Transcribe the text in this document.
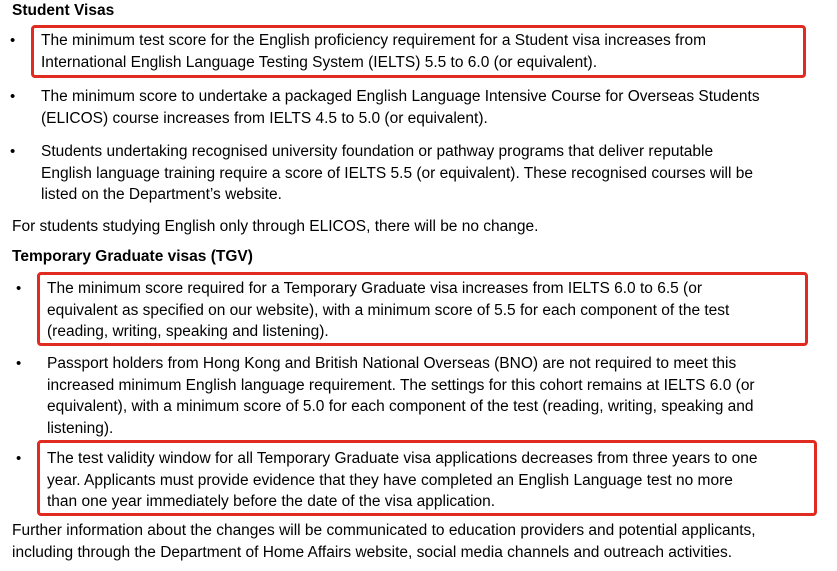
Student Visas
• The minimum test score for the English proficiency requirement for a Student visa increases from
International English Language Testing System (IELTS) 5.5 to 6.0 (or equivalent).
• The minimum score to undertake a packaged English Language Intensive Course for Overseas Students
(ELICOS) course increases from IELTS 4.5 to 5.0 (or equivalent).
• Students undertaking recognised university foundation or pathway programs that deliver reputable
English language training require a score of IELTS 5.5 (or equivalent). These recognised courses will be
listed on the Department’s website.
For students studying English only through ELICOS, there will be no change.
Temporary Graduate visas (TGV)
• The minimum score required for a Temporary Graduate visa increases from IELTS 6.0 to 6.5 (or
equivalent as specified on our website), with a minimum score of 5.5 for each component of the test
(reading, writing, speaking and listening).
• Passport holders from Hong Kong and British National Overseas (BNO) are not required to meet this
increased minimum English language requirement. The settings for this cohort remains at IELTS 6.0 (or
equivalent), with a minimum score of 5.0 for each component of the test (reading, writing, speaking and
listening).
• The test validity window for all Temporary Graduate visa applications decreases from three years to one
year. Applicants must provide evidence that they have completed an English Language test no more
than one year immediately before the date of the visa application.
Further information about the changes will be communicated to education providers and potential applicants,
including through the Department of Home Affairs website, social media channels and outreach activities.
